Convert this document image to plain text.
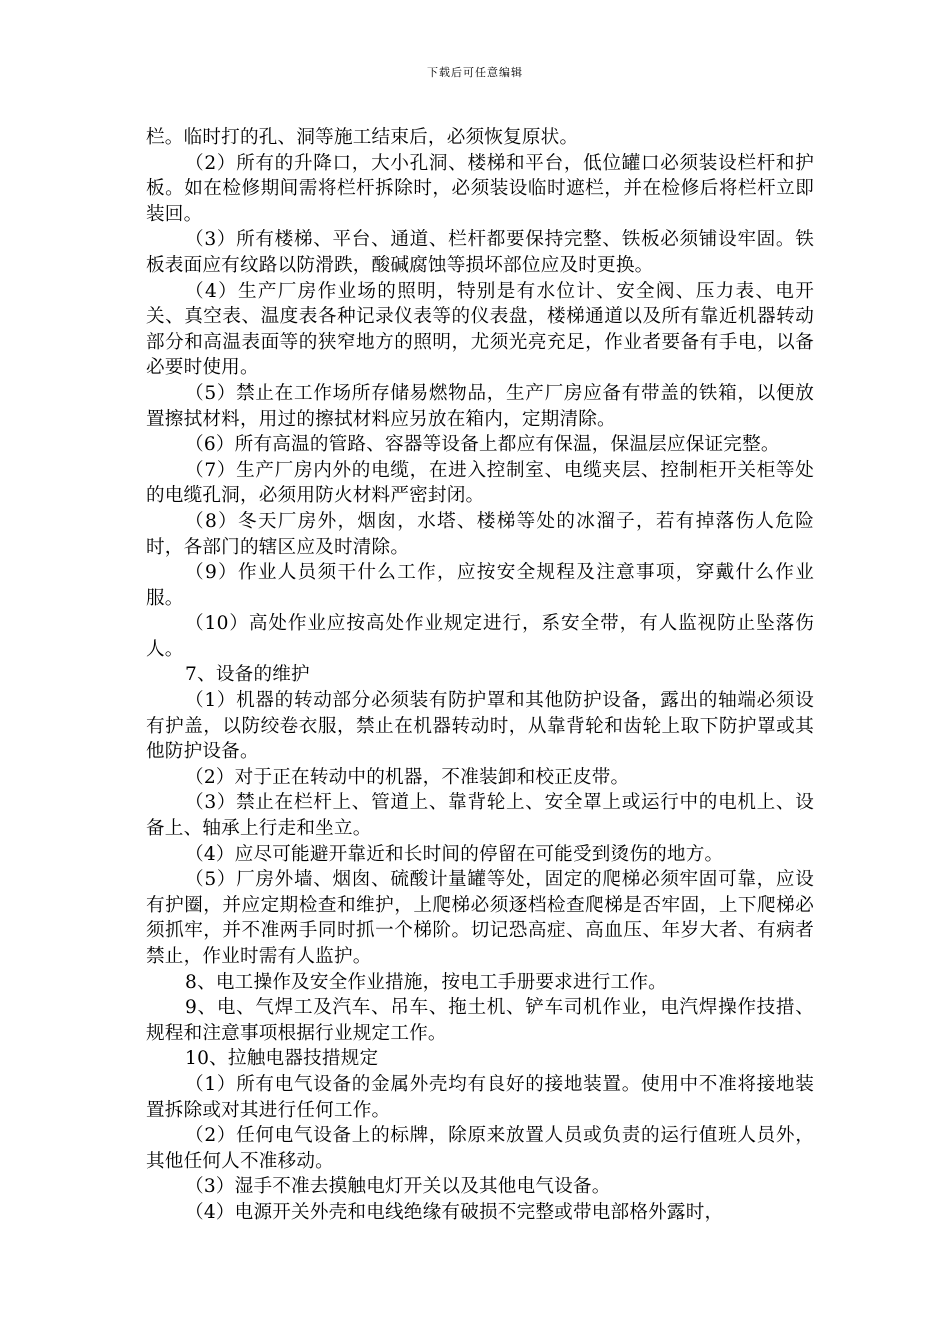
下载后可任意编辑

栏。临时打的孔、洞等施工结束后，必须恢复原状。

（2）所有的升降口，大小孔洞、楼梯和平台，低位罐口必须装设栏杆和护板。如在检修期间需将栏杆拆除时，必须装设临时遮栏，并在检修后将栏杆立即装回。

（3）所有楼梯、平台、通道、栏杆都要保持完整、铁板必须铺设牢固。铁板表面应有纹路以防滑跌，酸碱腐蚀等损坏部位应及时更换。

（4）生产厂房作业场的照明，特别是有水位计、安全阀、压力表、电开关、真空表、温度表各种记录仪表等的仪表盘，楼梯通道以及所有靠近机器转动部分和高温表面等的狭窄地方的照明，尤须光亮充足，作业者要备有手电，以备必要时使用。

（5）禁止在工作场所存储易燃物品，生产厂房应备有带盖的铁箱，以便放置擦拭材料，用过的擦拭材料应另放在箱内，定期清除。

（6）所有高温的管路、容器等设备上都应有保温，保温层应保证完整。

（7）生产厂房内外的电缆，在进入控制室、电缆夹层、控制柜开关柜等处的电缆孔洞，必须用防火材料严密封闭。

（8）冬天厂房外，烟囱，水塔、楼梯等处的冰溜子，若有掉落伤人危险时，各部门的辖区应及时清除。

（9）作业人员须干什么工作，应按安全规程及注意事项，穿戴什么作业服。

（10）高处作业应按高处作业规定进行，系安全带，有人监视防止坠落伤人。

7、设备的维护

（1）机器的转动部分必须装有防护罩和其他防护设备，露出的轴端必须设有护盖，以防绞卷衣服，禁止在机器转动时，从靠背轮和齿轮上取下防护罩或其他防护设备。

（2）对于正在转动中的机器，不准装卸和校正皮带。

（3）禁止在栏杆上、管道上、靠背轮上、安全罩上或运行中的电机上、设备上、轴承上行走和坐立。

（4）应尽可能避开靠近和长时间的停留在可能受到烫伤的地方。

（5）厂房外墙、烟囱、硫酸计量罐等处，固定的爬梯必须牢固可靠，应设有护圈，并应定期检查和维护，上爬梯必须逐档检查爬梯是否牢固，上下爬梯必须抓牢，并不准两手同时抓一个梯阶。切记恐高症、高血压、年岁大者、有病者禁止，作业时需有人监护。

8、电工操作及安全作业措施，按电工手册要求进行工作。

9、电、气焊工及汽车、吊车、拖土机、铲车司机作业，电汽焊操作技措、规程和注意事项根据行业规定工作。

10、拉触电器技措规定

（1）所有电气设备的金属外壳均有良好的接地装置。使用中不准将接地装置拆除或对其进行任何工作。

（2）任何电气设备上的标牌，除原来放置人员或负责的运行值班人员外，其他任何人不准移动。

（3）湿手不准去摸触电灯开关以及其他电气设备。

（4）电源开关外壳和电线绝缘有破损不完整或带电部格外露时，
